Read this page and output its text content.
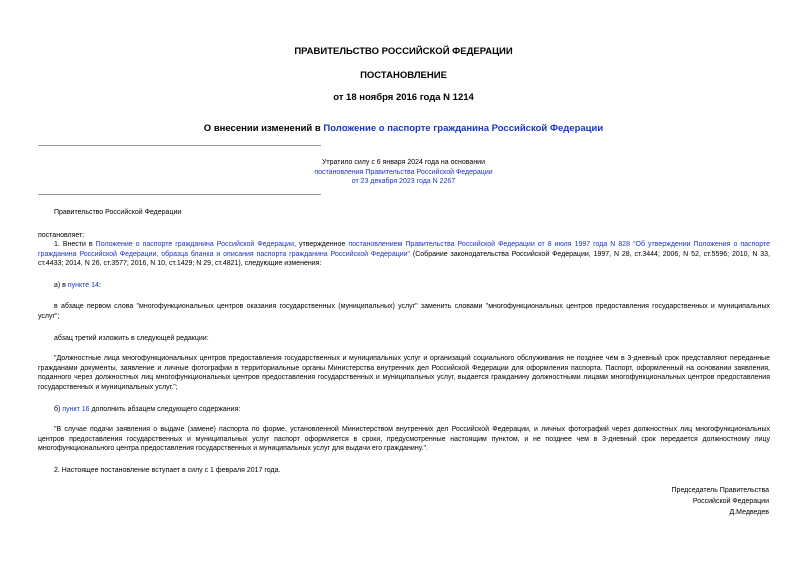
ПРАВИТЕЛЬСТВО РОССИЙСКОЙ ФЕДЕРАЦИИ
ПОСТАНОВЛЕНИЕ
от 18 ноября 2016 года N 1214
О внесении изменений в Положение о паспорте гражданина Российской Федерации
Утратило силу с 6 января 2024 года на основании
постановления Правительства Российской Федерации
от 23 декабря 2023 года N 2267
Правительство Российской Федерации
постановляет:
1. Внести в Положение о паспорте гражданина Российской Федерации, утвержденное постановлением Правительства Российской Федерации от 8 июля 1997 года N 828 "Об утверждении Положения о паспорте гражданина Российской Федерации, образца бланка и описания паспорта гражданина Российской Федерации" (Собрание законодательства Российской Федерации, 1997, N 28, ст.3444; 2006, N 52, ст.5596; 2010, N 33, ст.4433; 2014, N 26, ст.3577; 2016, N 10, ст.1429; N 29, ст.4821), следующие изменения:
а) в пункте 14:
в абзаце первом слова "многофункциональных центров оказания государственных (муниципальных) услуг" заменить словами "многофункциональных центров предоставления государственных и муниципальных услуг";
абзац третий изложить в следующей редакции:
"Должностные лица многофункциональных центров предоставления государственных и муниципальных услуг и организаций социального обслуживания не позднее чем в 3-дневный срок представляют переданные гражданами документы, заявление и личные фотографии в территориальные органы Министерства внутренних дел Российской Федерации для оформления паспорта. Паспорт, оформленный на основании заявления, поданного через должностных лиц многофункциональных центров предоставления государственных и муниципальных услуг, выдается гражданину должностными лицами многофункциональных центров предоставления государственных и муниципальных услуг.";
б) пункт 16 дополнить абзацем следующего содержания:
"В случае подачи заявления о выдаче (замене) паспорта по форме, установленной Министерством внутренних дел Российской Федерации, и личных фотографий через должностных лиц многофункциональных центров предоставления государственных и муниципальных услуг паспорт оформляется в сроки, предусмотренные настоящим пунктом, и не позднее чем в 3-дневный срок передается должностному лицу многофункционального центра предоставления государственных и муниципальных услуг для выдачи его гражданину.".
2. Настоящее постановление вступает в силу с 1 февраля 2017 года.
Председатель Правительства
Российской Федерации
Д.Медведев
